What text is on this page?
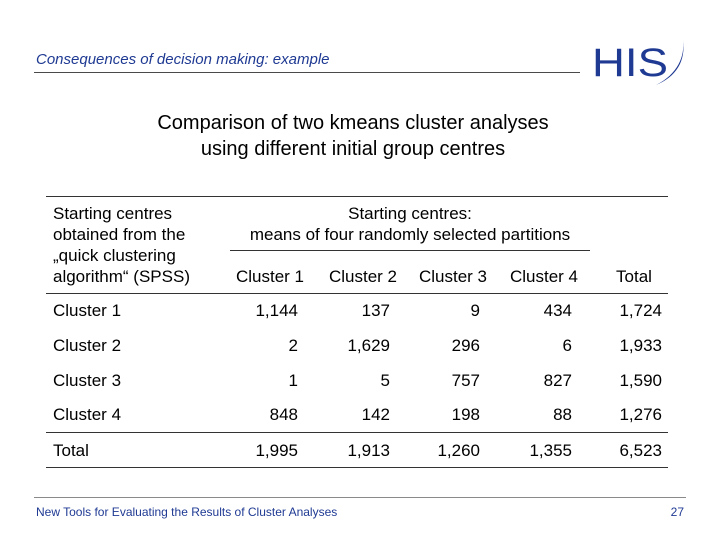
Consequences of decision making: example	HIS
Comparison of two kmeans cluster analyses
using different initial group centres
Starting centres
obtained from the
„quick clustering
algorithm“ (SPSS)
Starting centres:
means of four randomly selected partitions
Cluster 1	Cluster 2	Cluster 3	Cluster 4	Total
Cluster 1	1,144	137	9	434	1,724
Cluster 2	2	1,629	296	6	1,933
Cluster 3	1	5	757	827	1,590
Cluster 4	848	142	198	88	1,276
Total	1,995	1,913	1,260	1,355	6,523
New Tools for Evaluating the Results of Cluster Analyses	27
